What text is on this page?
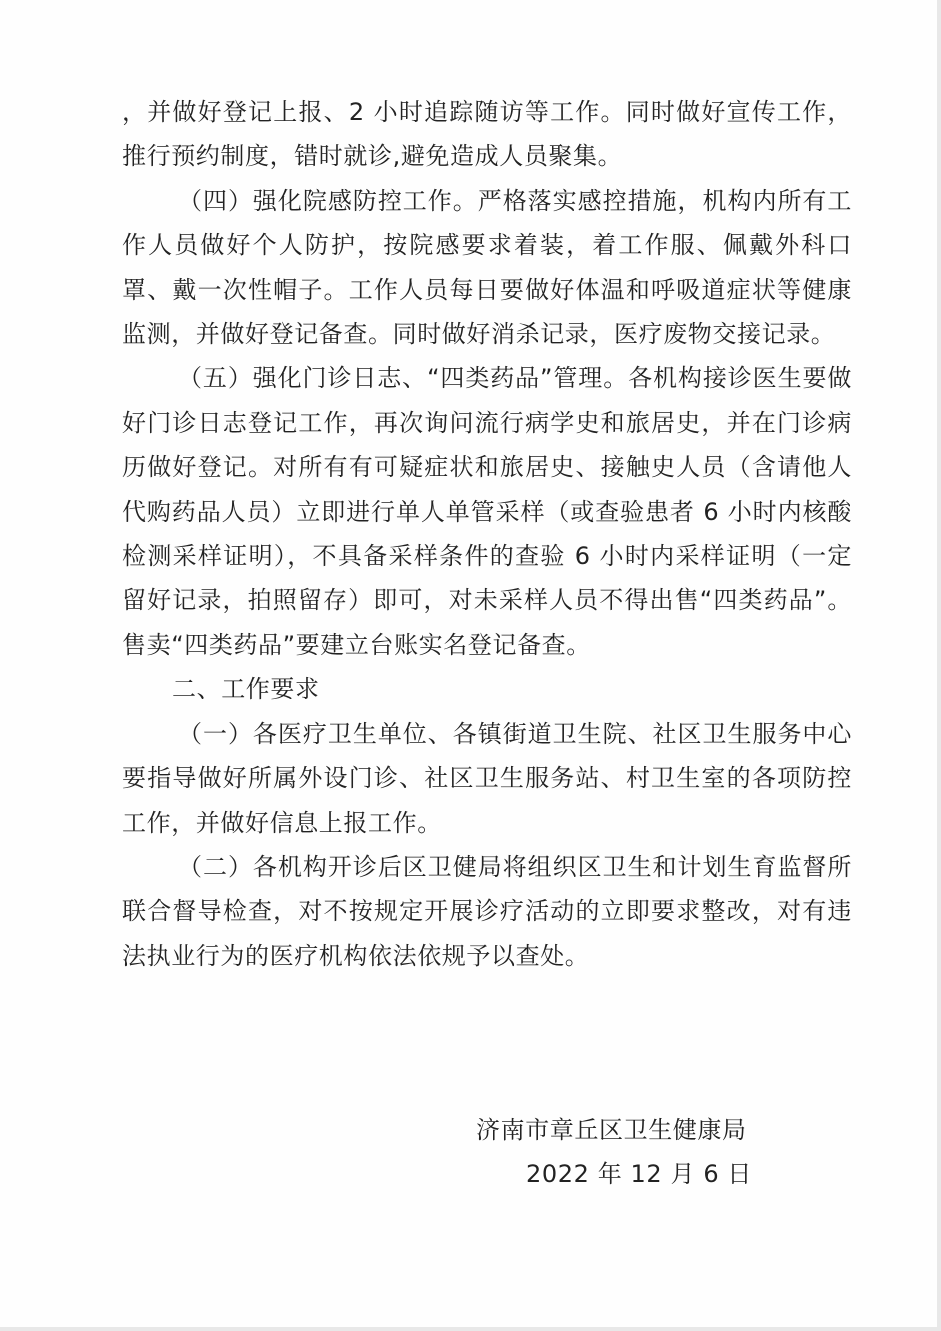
，并做好登记上报、2 小时追踪随访等工作。同时做好宣传工作，推行预约制度，错时就诊,避免造成人员聚集。

（四）强化院感防控工作。严格落实感控措施，机构内所有工作人员做好个人防护，按院感要求着装，着工作服、佩戴外科口罩、戴一次性帽子。工作人员每日要做好体温和呼吸道症状等健康监测，并做好登记备查。同时做好消杀记录，医疗废物交接记录。

（五）强化门诊日志、“四类药品”管理。各机构接诊医生要做好门诊日志登记工作，再次询问流行病学史和旅居史，并在门诊病历做好登记。对所有有可疑症状和旅居史、接触史人员（含请他人代购药品人员）立即进行单人单管采样（或查验患者 6 小时内核酸检测采样证明），不具备采样条件的查验 6 小时内采样证明（一定留好记录，拍照留存）即可，对未采样人员不得出售“四类药品”。售卖“四类药品”要建立台账实名登记备查。

二、工作要求

（一）各医疗卫生单位、各镇街道卫生院、社区卫生服务中心要指导做好所属外设门诊、社区卫生服务站、村卫生室的各项防控工作，并做好信息上报工作。

（二）各机构开诊后区卫健局将组织区卫生和计划生育监督所联合督导检查，对不按规定开展诊疗活动的立即要求整改，对有违法执业行为的医疗机构依法依规予以查处。

济南市章丘区卫生健康局
2022 年 12 月 6 日
